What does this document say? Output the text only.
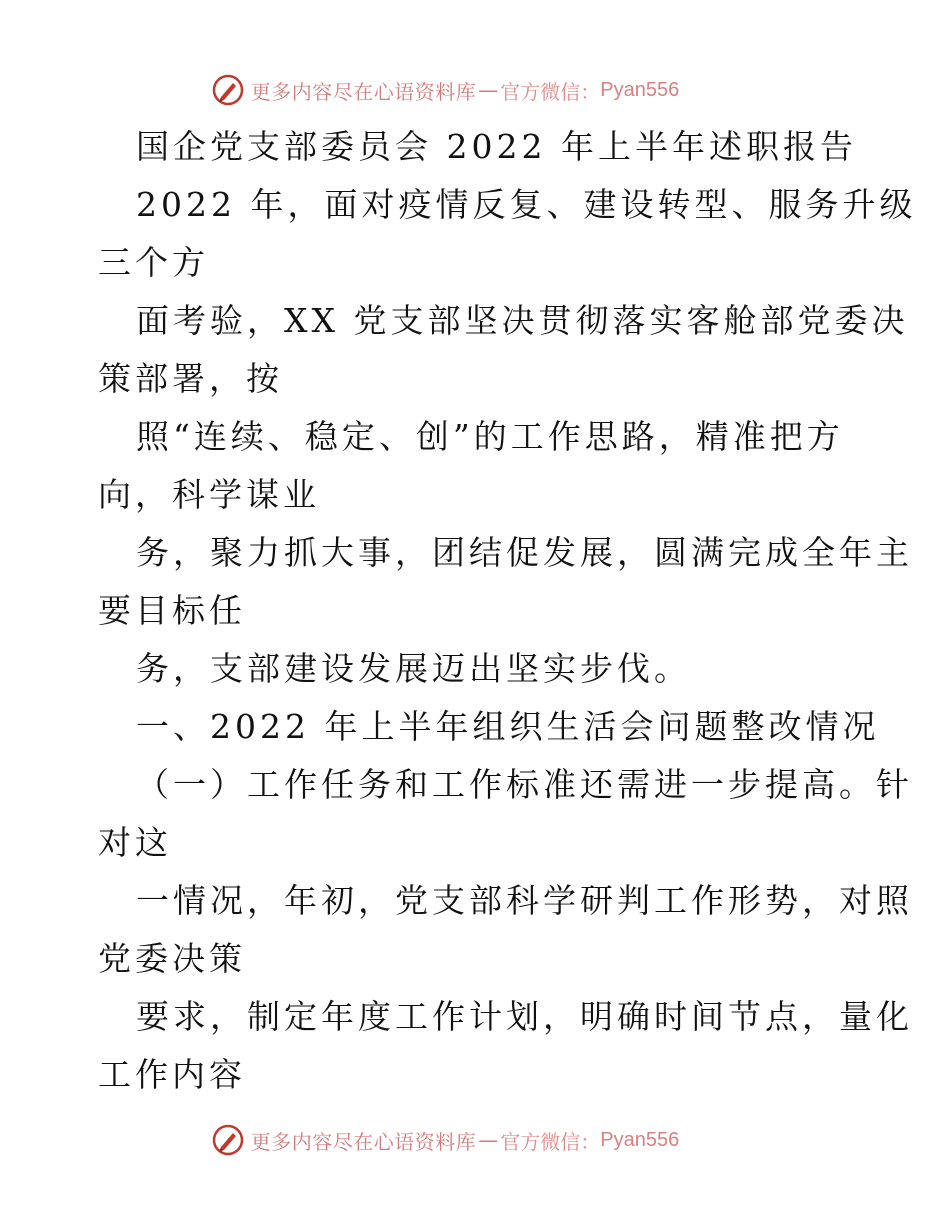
更多内容尽在心语资料库 — 官方微信： Pyan556
国企党支部委员会 2022 年上半年述职报告
2022 年，面对疫情反复、建设转型、服务升级
三个方
面考验，XX 党支部坚决贯彻落实客舱部党委决
策部署，按
照“连续、稳定、创”的工作思路，精准把方
向，科学谋业
务，聚力抓大事，团结促发展，圆满完成全年主
要目标任
务，支部建设发展迈出坚实步伐。
一、2022 年上半年组织生活会问题整改情况
（一）工作任务和工作标准还需进一步提高。针
对这
一情况，年初，党支部科学研判工作形势，对照
党委决策
要求，制定年度工作计划，明确时间节点，量化
工作内容
更多内容尽在心语资料库 — 官方微信： Pyan556
